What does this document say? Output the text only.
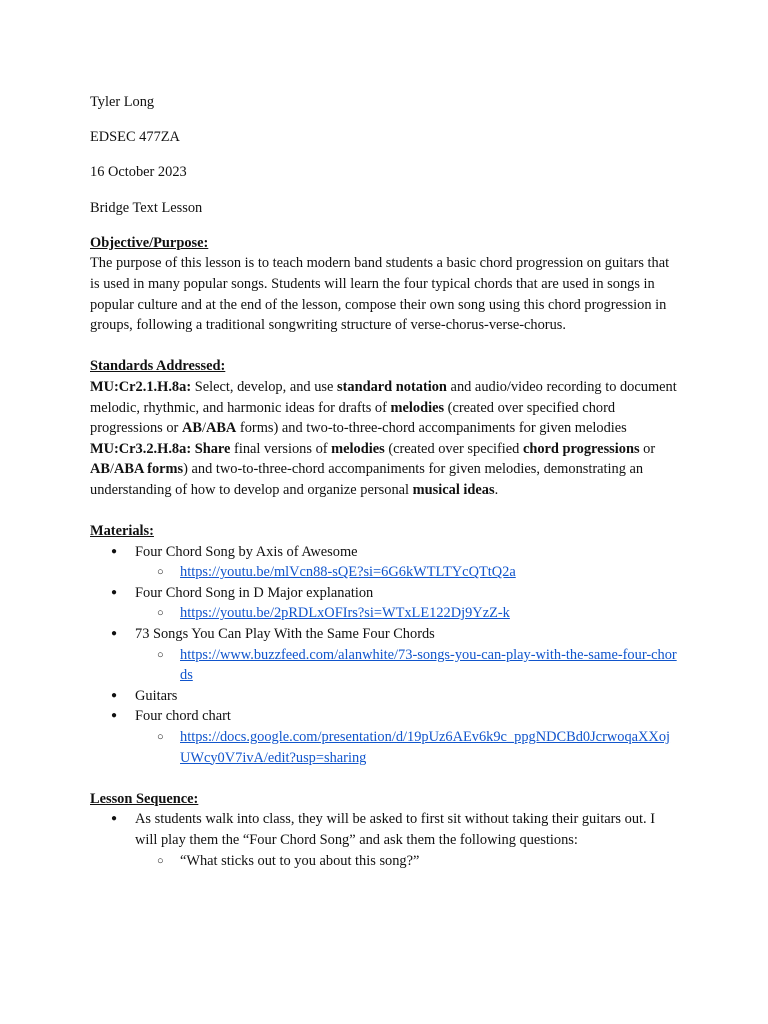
Tyler Long

EDSEC 477ZA

16 October 2023

Bridge Text Lesson

Objective/Purpose:

The purpose of this lesson is to teach modern band students a basic chord progression on guitars that is used in many popular songs. Students will learn the four typical chords that are used in songs in popular culture and at the end of the lesson, compose their own song using this chord progression in groups, following a traditional songwriting structure of verse-chorus-verse-chorus.

Standards Addressed:

MU:Cr2.1.H.8a: Select, develop, and use standard notation and audio/video recording to document melodic, rhythmic, and harmonic ideas for drafts of melodies (created over specified chord progressions or AB/ABA forms) and two-to-three-chord accompaniments for given melodies

MU:Cr3.2.H.8a: Share final versions of melodies (created over specified chord progressions or AB/ABA forms) and two-to-three-chord accompaniments for given melodies, demonstrating an understanding of how to develop and organize personal musical ideas.

Materials:

● Four Chord Song by Axis of Awesome
○ https://youtu.be/mlVcn88-sQE?si=6G6kWTLTYcQTtQ2a
● Four Chord Song in D Major explanation
○ https://youtu.be/2pRDLxOFIrs?si=WTxLE122Dj9YzZ-k
● 73 Songs You Can Play With the Same Four Chords
○ https://www.buzzfeed.com/alanwhite/73-songs-you-can-play-with-the-same-four-chords
● Guitars
● Four chord chart
○ https://docs.google.com/presentation/d/19pUz6AEv6k9c_ppgNDCBd0JcrwoqaXXojUWcy0V7ivA/edit?usp=sharing

Lesson Sequence:

● As students walk into class, they will be asked to first sit without taking their guitars out. I will play them the “Four Chord Song” and ask them the following questions:
○ “What sticks out to you about this song?”
